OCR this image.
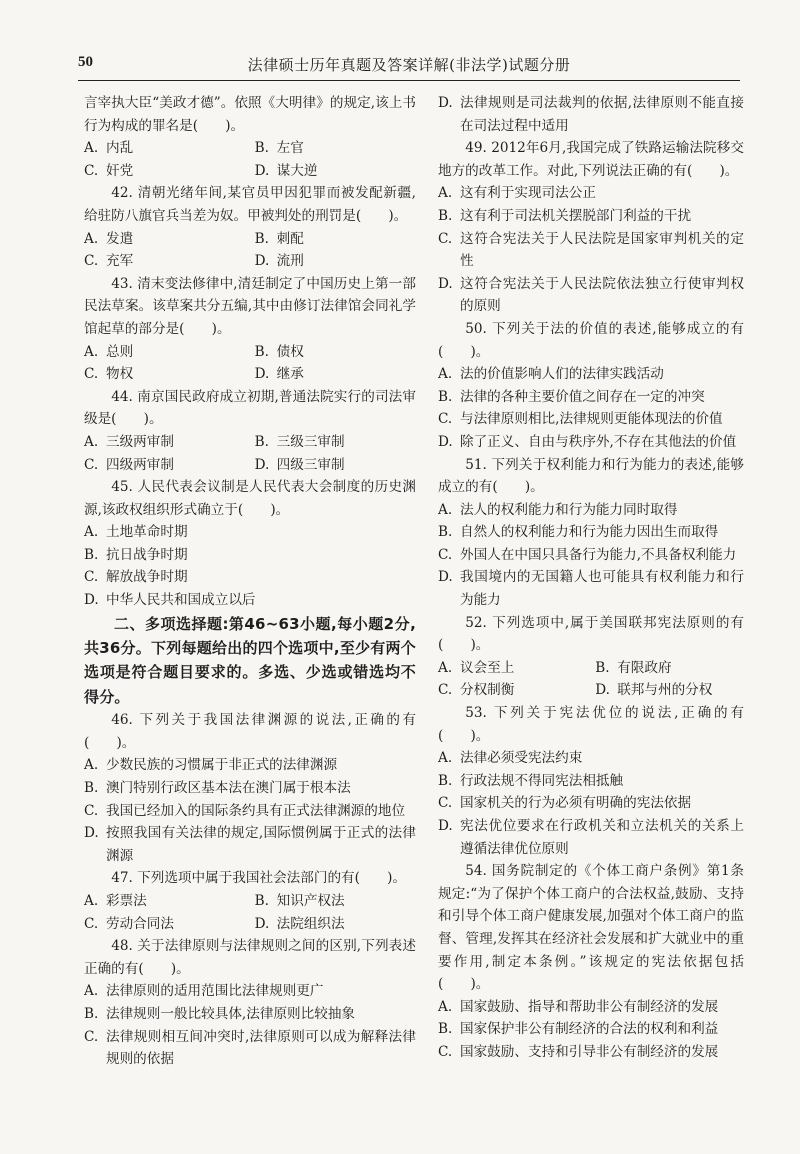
50	法律硕士历年真题及答案详解(非法学)试题分册
言宰执大臣“美政才德”。依照《大明律》的规定,该上书行为构成的罪名是(　　)。
A. 内乱	B. 左官
C. 奸党	D. 谋大逆
42. 清朝光绪年间,某官员甲因犯罪而被发配新疆,给驻防八旗官兵当差为奴。甲被判处的刑罚是(　　)。
A. 发遣	B. 刺配
C. 充军	D. 流刑
43. 清末变法修律中,清廷制定了中国历史上第一部民法草案。该草案共分五编,其中由修订法律馆会同礼学馆起草的部分是(　　)。
A. 总则	B. 债权
C. 物权	D. 继承
44. 南京国民政府成立初期,普通法院实行的司法审级是(　　)。
A. 三级两审制	B. 三级三审制
C. 四级两审制	D. 四级三审制
45. 人民代表会议制是人民代表大会制度的历史渊源,该政权组织形式确立于(　　)。
A. 土地革命时期
B. 抗日战争时期
C. 解放战争时期
D. 中华人民共和国成立以后
二、多项选择题:第46~63小题,每小题2分,共36分。下列每题给出的四个选项中,至少有两个选项是符合题目要求的。多选、少选或错选均不得分。
46. 下列关于我国法律渊源的说法,正确的有(　　)。
A. 少数民族的习惯属于非正式的法律渊源
B. 澳门特别行政区基本法在澳门属于根本法
C. 我国已经加入的国际条约具有正式法律渊源的地位
D. 按照我国有关法律的规定,国际惯例属于正式的法律渊源
47. 下列选项中属于我国社会法部门的有(　　)。
A. 彩票法	B. 知识产权法
C. 劳动合同法	D. 法院组织法
48. 关于法律原则与法律规则之间的区别,下列表述正确的有(　　)。
A. 法律原则的适用范围比法律规则更广
B. 法律规则一般比较具体,法律原则比较抽象
C. 法律规则相互间冲突时,法律原则可以成为解释法律规则的依据
D. 法律规则是司法裁判的依据,法律原则不能直接在司法过程中适用
49. 2012年6月,我国完成了铁路运输法院移交地方的改革工作。对此,下列说法正确的有(　　)。
A. 这有利于实现司法公正
B. 这有利于司法机关摆脱部门利益的干扰
C. 这符合宪法关于人民法院是国家审判机关的定性
D. 这符合宪法关于人民法院依法独立行使审判权的原则
50. 下列关于法的价值的表述,能够成立的有(　　)。
A. 法的价值影响人们的法律实践活动
B. 法律的各种主要价值之间存在一定的冲突
C. 与法律原则相比,法律规则更能体现法的价值
D. 除了正义、自由与秩序外,不存在其他法的价值
51. 下列关于权利能力和行为能力的表述,能够成立的有(　　)。
A. 法人的权利能力和行为能力同时取得
B. 自然人的权利能力和行为能力因出生而取得
C. 外国人在中国只具备行为能力,不具备权利能力
D. 我国境内的无国籍人也可能具有权利能力和行为能力
52. 下列选项中,属于美国联邦宪法原则的有(　　)。
A. 议会至上	B. 有限政府
C. 分权制衡	D. 联邦与州的分权
53. 下列关于宪法优位的说法,正确的有(　　)。
A. 法律必须受宪法约束
B. 行政法规不得同宪法相抵触
C. 国家机关的行为必须有明确的宪法依据
D. 宪法优位要求在行政机关和立法机关的关系上遵循法律优位原则
54. 国务院制定的《个体工商户条例》第1条规定:“为了保护个体工商户的合法权益,鼓励、支持和引导个体工商户健康发展,加强对个体工商户的监督、管理,发挥其在经济社会发展和扩大就业中的重要作用,制定本条例。”该规定的宪法依据包括(　　)。
A. 国家鼓励、指导和帮助非公有制经济的发展
B. 国家保护非公有制经济的合法的权利和利益
C. 国家鼓励、支持和引导非公有制经济的发展
